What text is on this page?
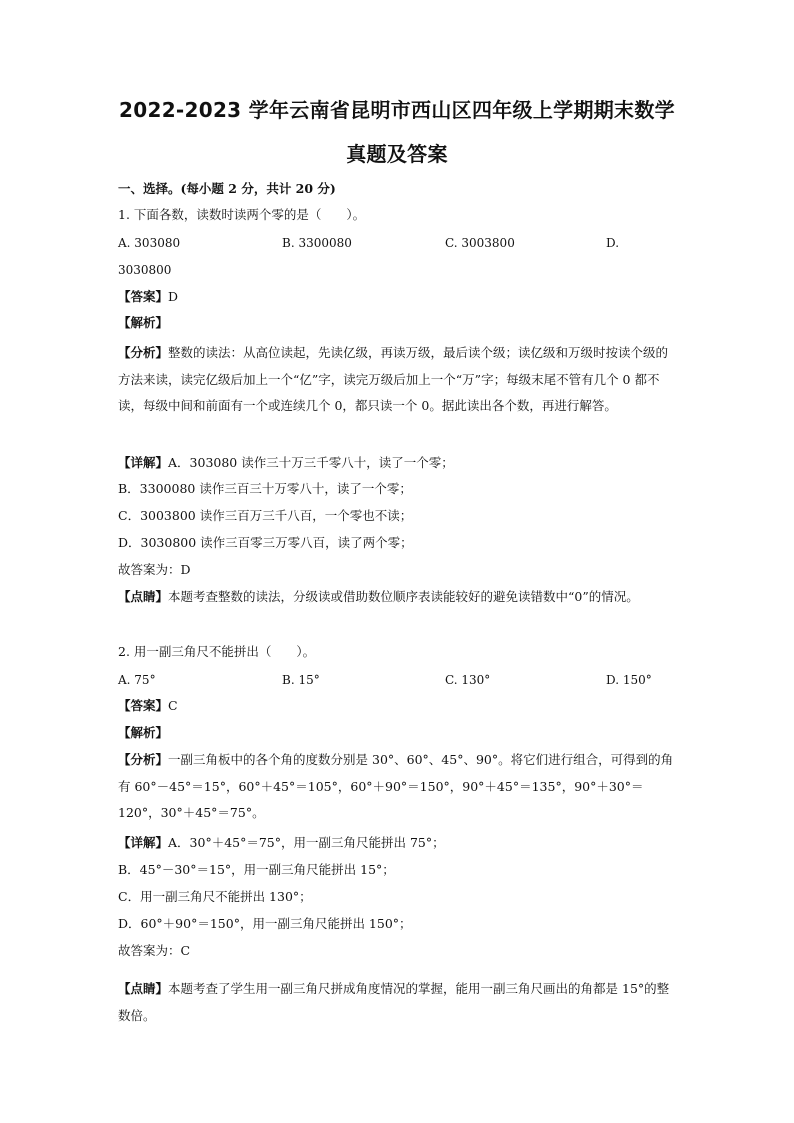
2022-2023 学年云南省昆明市西山区四年级上学期期末数学
真题及答案
一、选择。(每小题 2 分，共计 20 分)
1. 下面各数，读数时读两个零的是（　　）。
A. 303080	B. 3300080	C. 3003800	D.
3030800
【答案】D
【解析】
【分析】整数的读法：从高位读起，先读亿级，再读万级，最后读个级；读亿级和万级时按读个级的方法来读，读完亿级后加上一个“亿”字，读完万级后加上一个“万”字；每级末尾不管有几个 0 都不读，每级中间和前面有一个或连续几个 0，都只读一个 0。据此读出各个数，再进行解答。
【详解】A．303080 读作三十万三千零八十，读了一个零；
B．3300080 读作三百三十万零八十，读了一个零；
C．3003800 读作三百万三千八百，一个零也不读；
D．3030800 读作三百零三万零八百，读了两个零；
故答案为：D
【点睛】本题考查整数的读法，分级读或借助数位顺序表读能较好的避免读错数中“0”的情况。
2. 用一副三角尺不能拼出（　　）。
A. 75°	B. 15°	C. 130°	D. 150°
【答案】C
【解析】
【分析】一副三角板中的各个角的度数分别是 30°、60°、45°、90°。将它们进行组合，可得到的角有 60°－45°＝15°，60°＋45°＝105°，60°＋90°＝150°，90°＋45°＝135°，90°＋30°＝120°，30°＋45°＝75°。
【详解】A．30°＋45°＝75°，用一副三角尺能拼出 75°；
B．45°－30°＝15°，用一副三角尺能拼出 15°；
C．用一副三角尺不能拼出 130°；
D．60°＋90°＝150°，用一副三角尺能拼出 150°；
故答案为：C
【点睛】本题考查了学生用一副三角尺拼成角度情况的掌握，能用一副三角尺画出的角都是 15°的整数倍。
